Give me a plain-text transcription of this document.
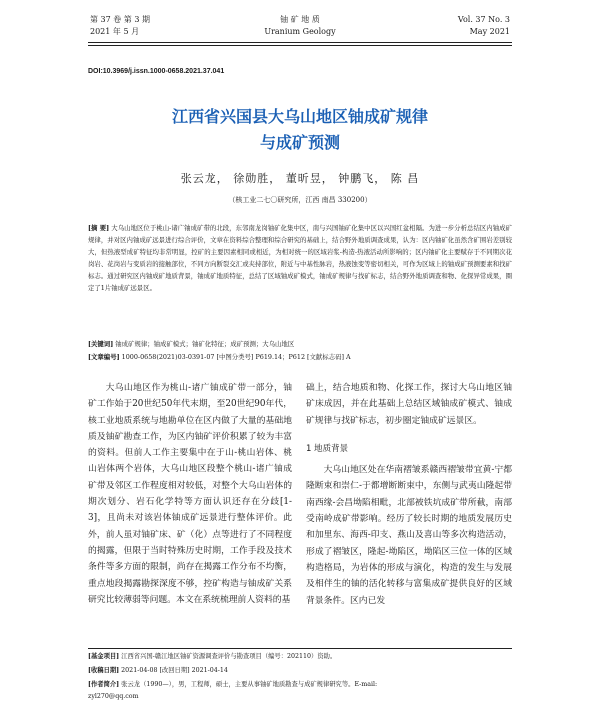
第 37 卷 第 3 期
2021 年 5 月
铀 矿 地 质
Uranium Geology
Vol. 37 No. 3
May 2021
DOI:10.3969/j.issn.1000-0658.2021.37.041
江西省兴国县大乌山地区铀成矿规律
与成矿预测
张云龙， 徐勋胜， 董昕昱， 钟鹏飞， 陈 昌
（核工业二七〇研究所，江西 南昌 330200）
[摘 要] 大乌山地区位于桃山-诸广铀成矿带的北段，东邻南龙岗铀矿化集中区，南与兴国铀矿化集中区以兴国红盆相隔。为进一步分析总结区内铀成矿规律，并对区内铀成矿远景进行综合评价，文章在资料综合整理和综合研究的基础上，结合野外地质调查成果，认为：区内铀矿化虽然含矿围岩差别较大，但热液型成矿特征均非常明显，控矿的主要因素相同或相近，为相对统一的区域岩浆-构造-热液活动所影响的；区内铀矿化主要赋存于不同期次花岗岩、花岗岩与变质岩的接触部位，不同方向断裂交汇或夹持部位，附近与中基性脉岩，热液蚀变等密切相关，可作为区域上的铀成矿预测要素和找矿标志。通过研究区内铀成矿地质背景，铀成矿地质特征，总结了区域铀成矿模式，铀成矿规律与找矿标志，结合野外地质调查和物、化探异常成果，圈定了1片铀成矿远景区。
[关键词] 铀成矿规律；铀成矿模式；铀矿化特征；成矿预测；大乌山地区
[文章编号] 1000-0658(2021)03-0391-07 [中图分类号] P619.14；P612 [文献标志码] A
大乌山地区作为桃山-诸广铀成矿带一部分，铀矿工作始于20世纪50年代末期，至20世纪90年代，核工业地质系统与地勘单位在区内做了大量的基础地质及铀矿勘查工作，为区内铀矿评价积累了较为丰富的资料。但前人工作主要集中在于山-桃山岩体、桃山岩体两个岩体，大乌山地区段整个桃山-诸广铀成矿带及邻区工作程度相对较低，对整个大乌山岩体的期次划分、岩石化学特等方面认识还存在分歧[1-3]，且尚未对该岩体铀成矿远景进行整体评价。此外，前人虽对铀矿床、矿（化）点等进行了不同程度的揭露，但限于当时特殊历史时期，工作手段及技术条件等多方面的限制，尚存在揭露工作分布不均衡，重点地段揭露勘探深度不够，控矿构造与铀成矿关系研究比较薄弱等问题。本文在系统梳理前人资料的基
础上，结合地质和物、化探工作，探讨大乌山地区铀矿床成因，并在此基础上总结区域铀成矿模式、铀成矿规律与找矿标志，初步圈定铀成矿远景区。
1 地质背景
大乌山地区处在华南褶皱系赣西褶皱带宜黄-宁都隆断束和崇仁-于都增断断束中，东侧与武夷山隆起带南西缘-会昌坳陷相毗，北部被铁坑成矿带所截，南部受南岭成矿带影响。经历了较长时期的地质发展历史和加里东、海西-印支、燕山及喜山等多次构造活动，形成了褶皱区，隆起-坳陷区，坳陷区三位一体的区域构造格局，为岩体的形成与演化，构造的发生与发展及相伴生的铀的活化转移与富集成矿提供良好的区域背景条件。区内已发
[基金项目] 江西省兴国-赣江地区铀矿资源调查评价与勘查项目（编号：202110）资助。
[收稿日期] 2021-04-08 [改回日期] 2021-04-14
[作者简介] 张云龙（1990—），男，工程师，硕士，主要从事铀矿地质勘查与成矿规律研究等。E-mail:
zyl270@qq.com
